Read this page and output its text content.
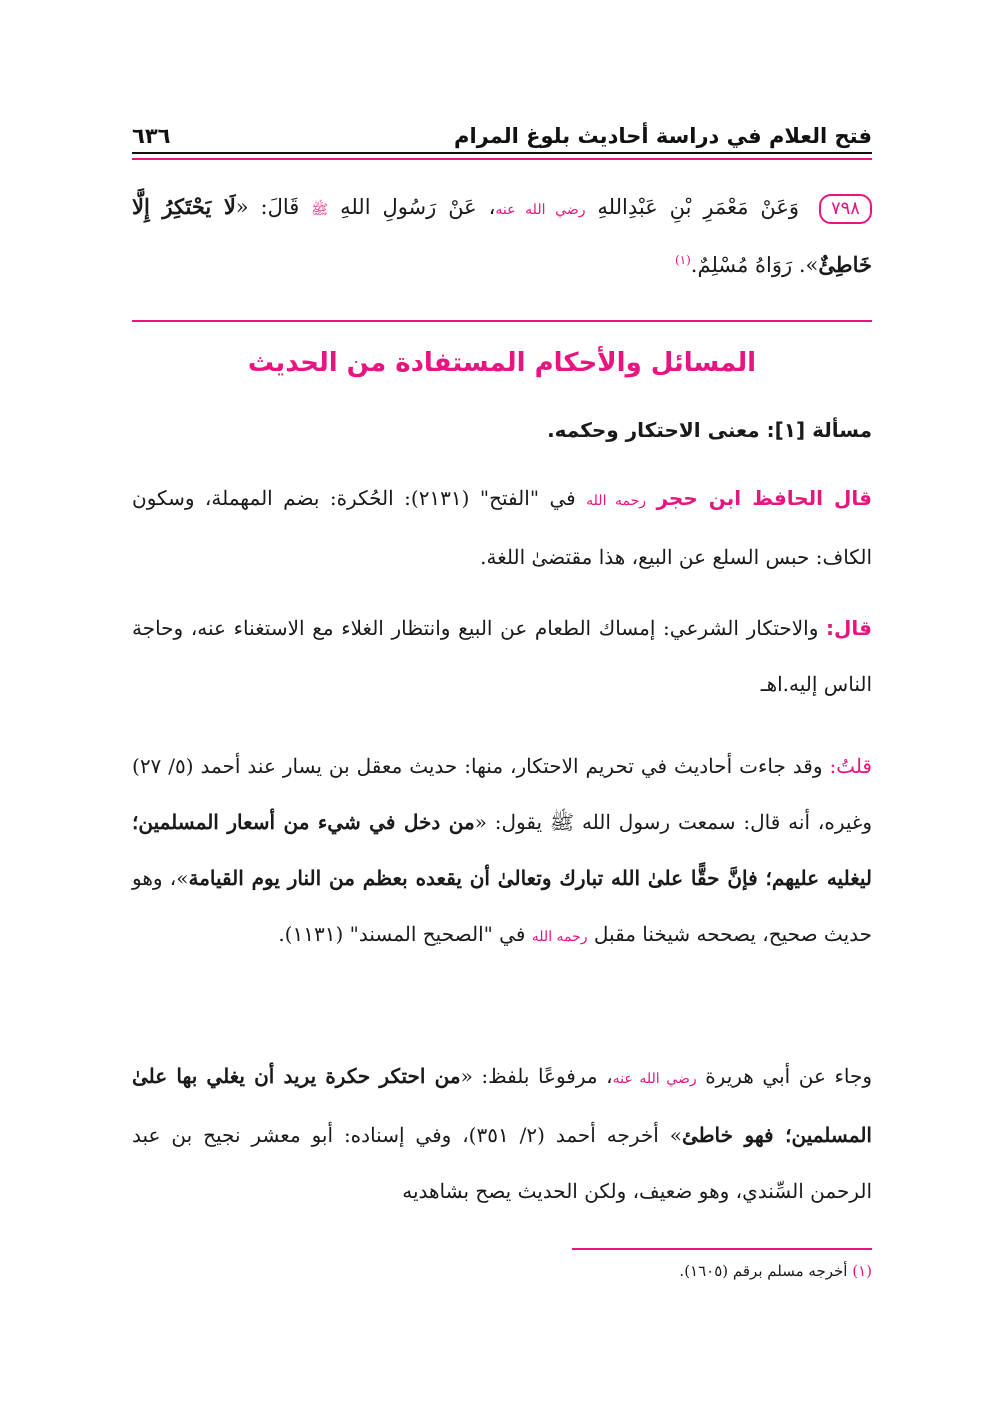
فتح العلام في دراسة أحاديث بلوغ المرام
٦٣٦
٧٩٨ وَعَنْ مَعْمَرِ بْنِ عَبْدِاللهِ رضي الله عنه، عَنْ رَسُولِ اللهِ ﷺ قَالَ: «لَا يَحْتَكِرُ إِلَّا خَاطِئٌ». رَوَاهُ مُسْلِمٌ.$^{(١)}$
المسائل والأحكام المستفادة من الحديث
مسألة [١]: معنى الاحتكار وحكمه.
قال الحافظ ابن حجر رحمه الله في "الفتح" (٢١٣١): الحُكرة: بضم المهملة، وسكون الكاف: حبس السلع عن البيع، هذا مقتضىٰ اللغة.
قال: والاحتكار الشرعي: إمساك الطعام عن البيع وانتظار الغلاء مع الاستغناء عنه، وحاجة الناس إليه.اهـ
قلتُ: وقد جاءت أحاديث في تحريم الاحتكار، منها: حديث معقل بن يسار عند أحمد (٥/ ٢٧) وغيره، أنه قال: سمعت رسول الله ﷺ يقول: «من دخل في شيء من أسعار المسلمين؛ ليغليه عليهم؛ فإنَّ حقًّا علىٰ الله تبارك وتعالىٰ أن يقعده بعظم من النار يوم القيامة»، وهو حديث صحيح، يصححه شيخنا مقبل رحمه الله في "الصحيح المسند" (١١٣١).
وجاء عن أبي هريرة رضي الله عنه، مرفوعًا بلفظ: «من احتكر حكرة يريد أن يغلي بها علىٰ المسلمين؛ فهو خاطئ» أخرجه أحمد (٢/ ٣٥١)، وفي إسناده: أبو معشر نجيح بن عبد الرحمن السِّندي، وهو ضعيف، ولكن الحديث يصح بشاهديه
(١) أخرجه مسلم برقم (١٦٠٥).
